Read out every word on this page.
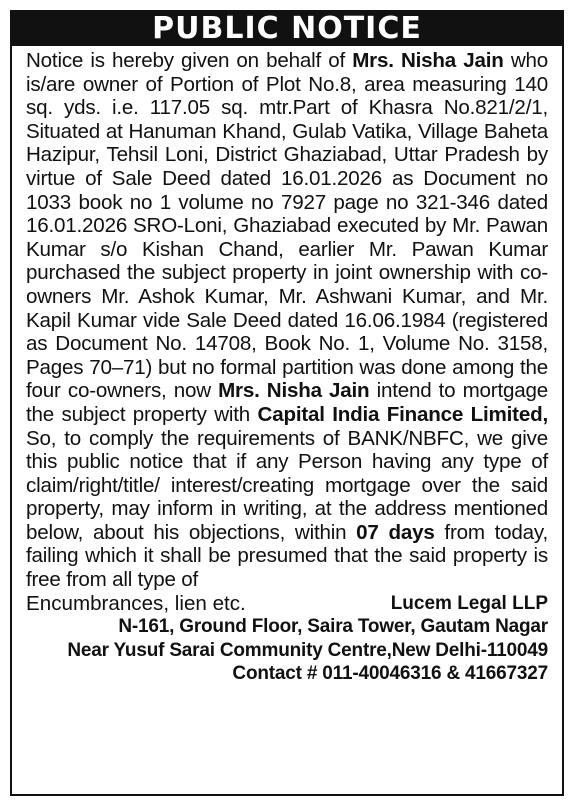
PUBLIC NOTICE
Notice is hereby given on behalf of Mrs. Nisha Jain who is/are owner of Portion of Plot No.8, area measuring 140 sq. yds. i.e. 117.05 sq. mtr.Part of Khasra No.821/2/1, Situated at Hanuman Khand, Gulab Vatika, Village Baheta Hazipur, Tehsil Loni, District Ghaziabad, Uttar Pradesh by virtue of Sale Deed dated 16.01.2026 as Document no 1033 book no 1 volume no 7927 page no 321-346 dated 16.01.2026 SRO-Loni, Ghaziabad executed by Mr. Pawan Kumar s/o Kishan Chand, earlier Mr. Pawan Kumar purchased the subject property in joint ownership with co-owners Mr. Ashok Kumar, Mr. Ashwani Kumar, and Mr. Kapil Kumar vide Sale Deed dated 16.06.1984 (registered as Document No. 14708, Book No. 1, Volume No. 3158, Pages 70–71) but no formal partition was done among the four co-owners, now Mrs. Nisha Jain intend to mortgage the subject property with Capital India Finance Limited, So, to comply the requirements of BANK/NBFC, we give this public notice that if any Person having any type of claim/right/title/ interest/creating mortgage over the said property, may inform in writing, at the address mentioned below, about his objections, within 07 days from today, failing which it shall be presumed that the said property is free from all type of
Encumbrances, lien etc.	Lucem Legal LLP
N-161, Ground Floor, Saira Tower, Gautam Nagar
Near Yusuf Sarai Community Centre,New Delhi-110049
Contact # 011-40046316 & 41667327
